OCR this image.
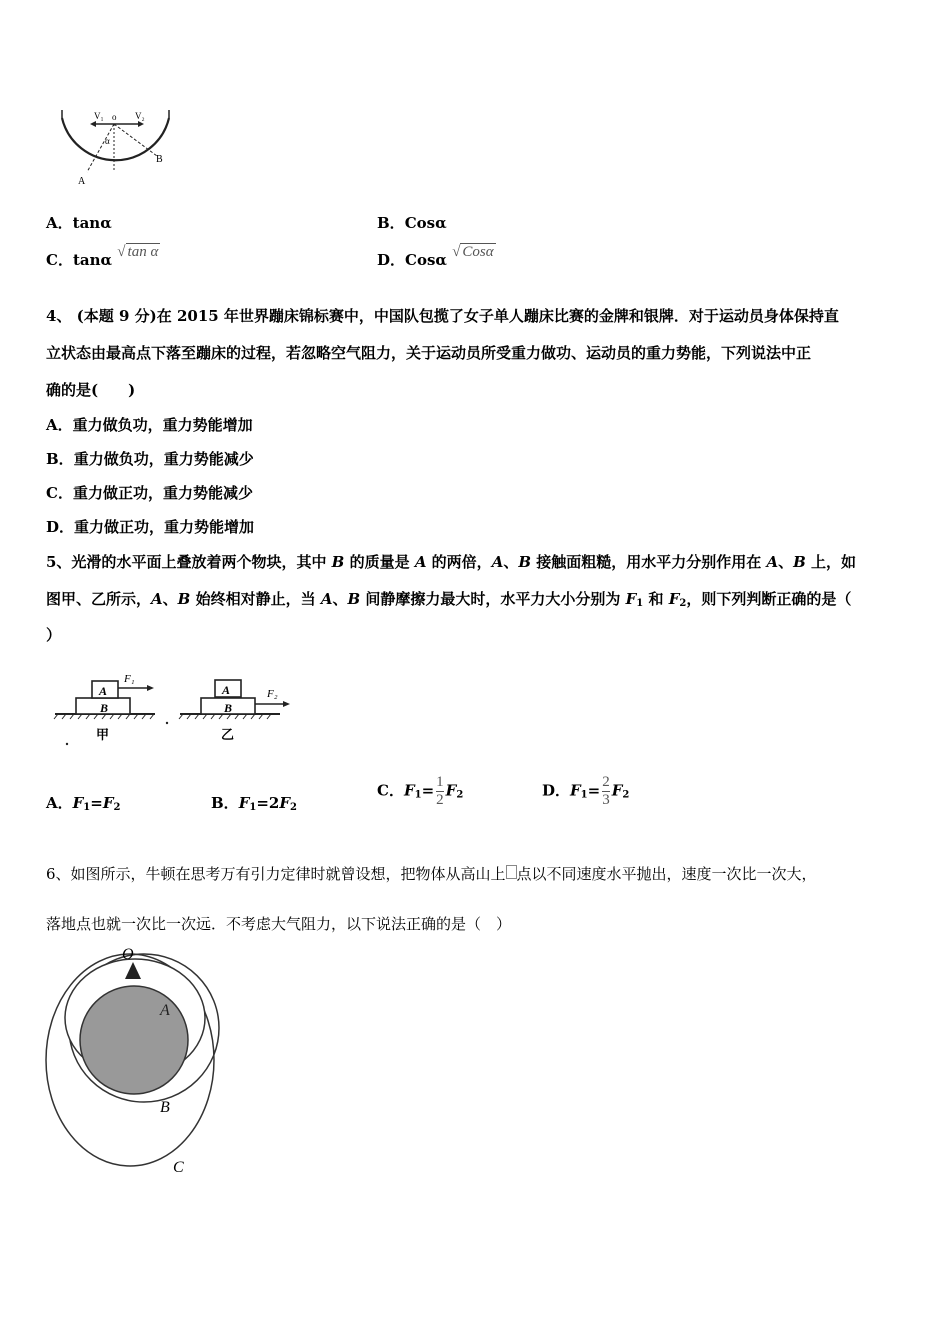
V₁ o V₂
α
A
B
A．tanα	B．Cosα
C．tanα √ tan α	D．Cosα √ Cosα
4、 (本题 9 分)在 2015 年世界蹦床锦标赛中，中国队包揽了女子单人蹦床比赛的金牌和银牌．对于运动员身体保持直
立状态由最高点下落至蹦床的过程，若忽略空气阻力，关于运动员所受重力做功、运动员的重力势能，下列说法中正
确的是(　　)
A．重力做负功，重力势能增加
B．重力做负功，重力势能减少
C．重力做正功，重力势能减少
D．重力做正功，重力势能增加
5、光滑的水平面上叠放着两个物块，其中 B 的质量是 A 的两倍，A、B 接触面粗糙，用水平力分别作用在 A、B 上，如
图甲、乙所示，A、B 始终相对静止，当 A、B 间静摩擦力最大时，水平力大小分别为 $F_1$ 和 $F_2$，则下列判断正确的是（
）
A
B
F₁
甲
A
B
F₂
乙
A．$F_1=F_2$	B．$F_1=2F_2$
C．$F_1= \frac{1}{2} F_2$	D．$F_1= \frac{2}{3} F_2$
6、如图所示，牛顿在思考万有引力定律时就曾设想，把物体从高山上 点以不同速度水平抛出，速度一次比一次大，
落地点也就一次比一次远．不考虑大气阻力，以下说法正确的是（　）
O
A
B
C
